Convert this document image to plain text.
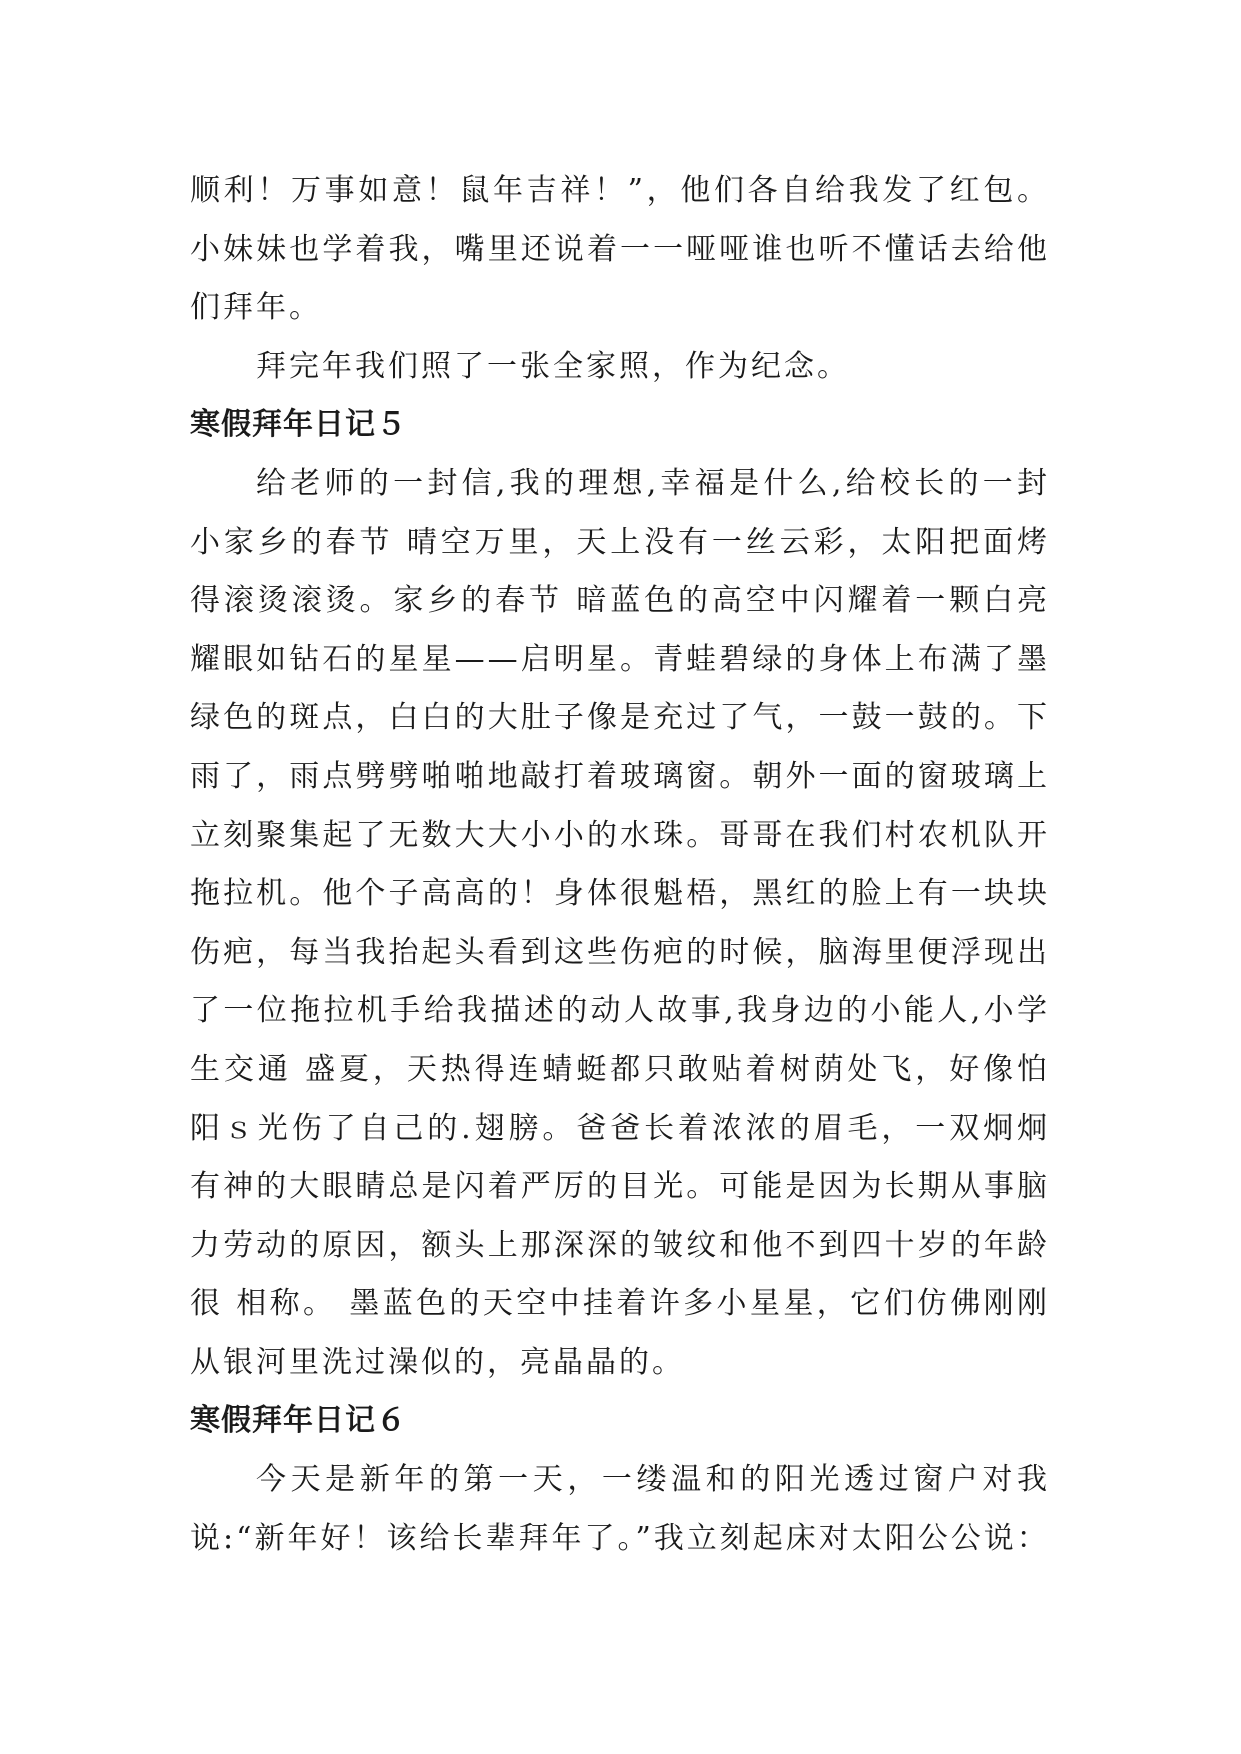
顺利！万事如意！鼠年吉祥！”，他们各自给我发了红包。小妹妹也学着我，嘴里还说着一一哑哑谁也听不懂话去给他们拜年。

拜完年我们照了一张全家照，作为纪念。

寒假拜年日记５

给老师的一封信,我的理想,幸福是什么,给校长的一封小家乡的春节 晴空万里，天上没有一丝云彩，太阳把面烤得滚烫滚烫。家乡的春节 暗蓝色的高空中闪耀着一颗白亮耀眼如钻石的星星——启明星。青蛙碧绿的身体上布满了墨绿色的斑点，白白的大肚子像是充过了气，一鼓一鼓的。下雨了，雨点劈劈啪啪地敲打着玻璃窗。朝外一面的窗玻璃上立刻聚集起了无数大大小小的水珠。哥哥在我们村农机队开拖拉机。他个子高高的！身体很魁梧，黑红的脸上有一块块伤疤，每当我抬起头看到这些伤疤的时候，脑海里便浮现出了一位拖拉机手给我描述的动人故事,我身边的小能人,小学生交通 盛夏，天热得连蜻蜓都只敢贴着树荫处飞，好像怕阳ｓ光伤了自己的.翅膀。爸爸长着浓浓的眉毛，一双炯炯有神的大眼睛总是闪着严厉的目光。可能是因为长期从事脑力劳动的原因，额头上那深深的皱纹和他不到四十岁的年龄很 相称。 墨蓝色的天空中挂着许多小星星，它们仿佛刚刚从银河里洗过澡似的，亮晶晶的。

寒假拜年日记６

今天是新年的第一天，一缕温和的阳光透过窗户对我说:“新年好！该给长辈拜年了。”我立刻起床对太阳公公说：
